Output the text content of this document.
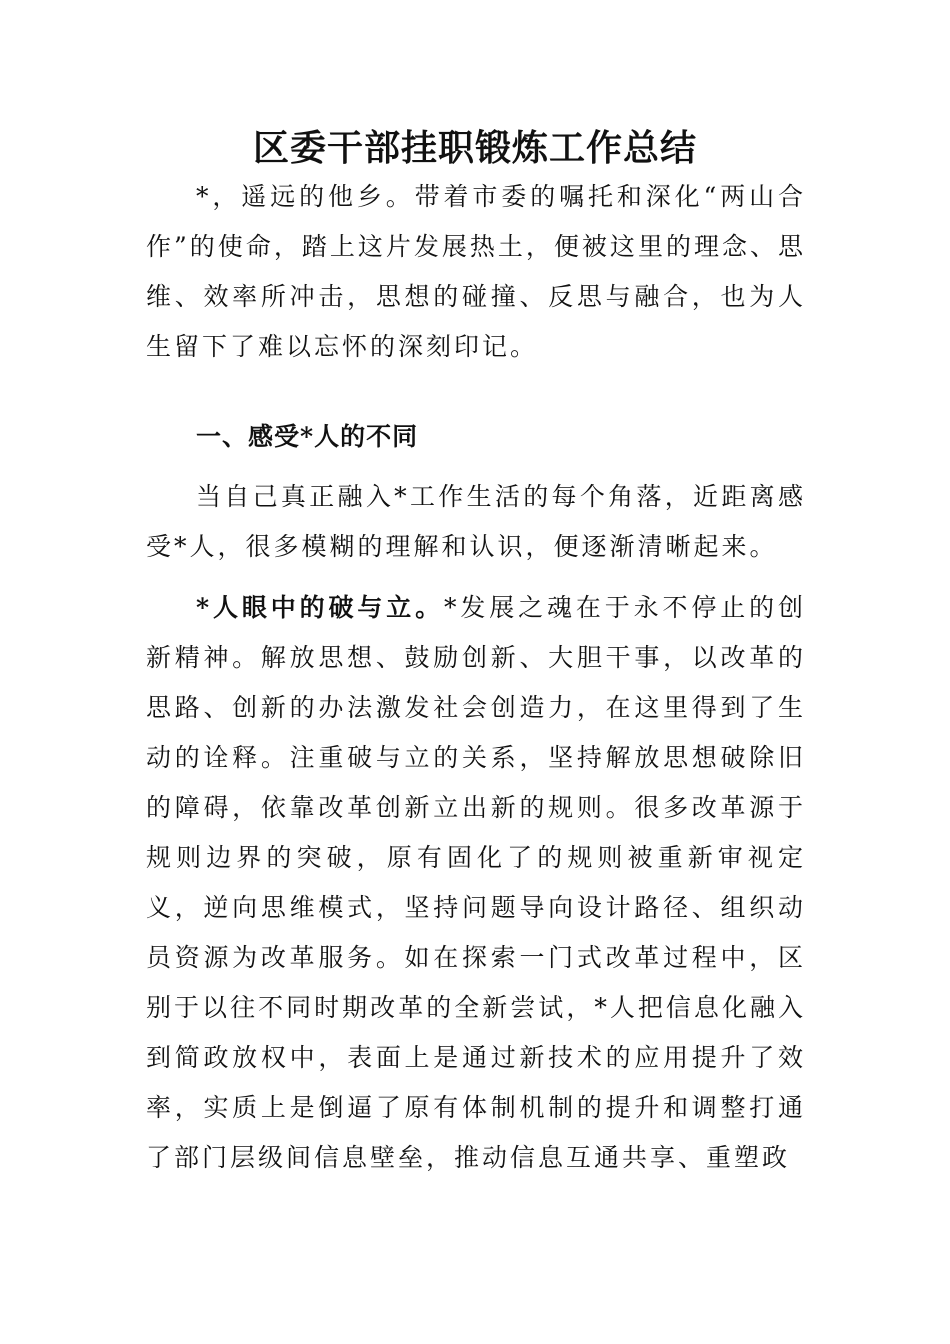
区委干部挂职锻炼工作总结

*，遥远的他乡。带着市委的嘱托和深化“两山合作”的使命，踏上这片发展热土，便被这里的理念、思维、效率所冲击，思想的碰撞、反思与融合，也为人生留下了难以忘怀的深刻印记。

一、感受*人的不同

当自己真正融入*工作生活的每个角落，近距离感受*人，很多模糊的理解和认识，便逐渐清晰起来。

*人眼中的破与立。*发展之魂在于永不停止的创新精神。解放思想、鼓励创新、大胆干事，以改革的思路、创新的办法激发社会创造力，在这里得到了生动的诠释。注重破与立的关系，坚持解放思想破除旧的障碍，依靠改革创新立出新的规则。很多改革源于规则边界的突破，原有固化了的规则被重新审视定义，逆向思维模式，坚持问题导向设计路径、组织动员资源为改革服务。如在探索一门式改革过程中，区别于以往不同时期改革的全新尝试，*人把信息化融入到简政放权中，表面上是通过新技术的应用提升了效率，实质上是倒逼了原有体制机制的提升和调整打通了部门层级间信息壁垒，推动信息互通共享、重塑政
